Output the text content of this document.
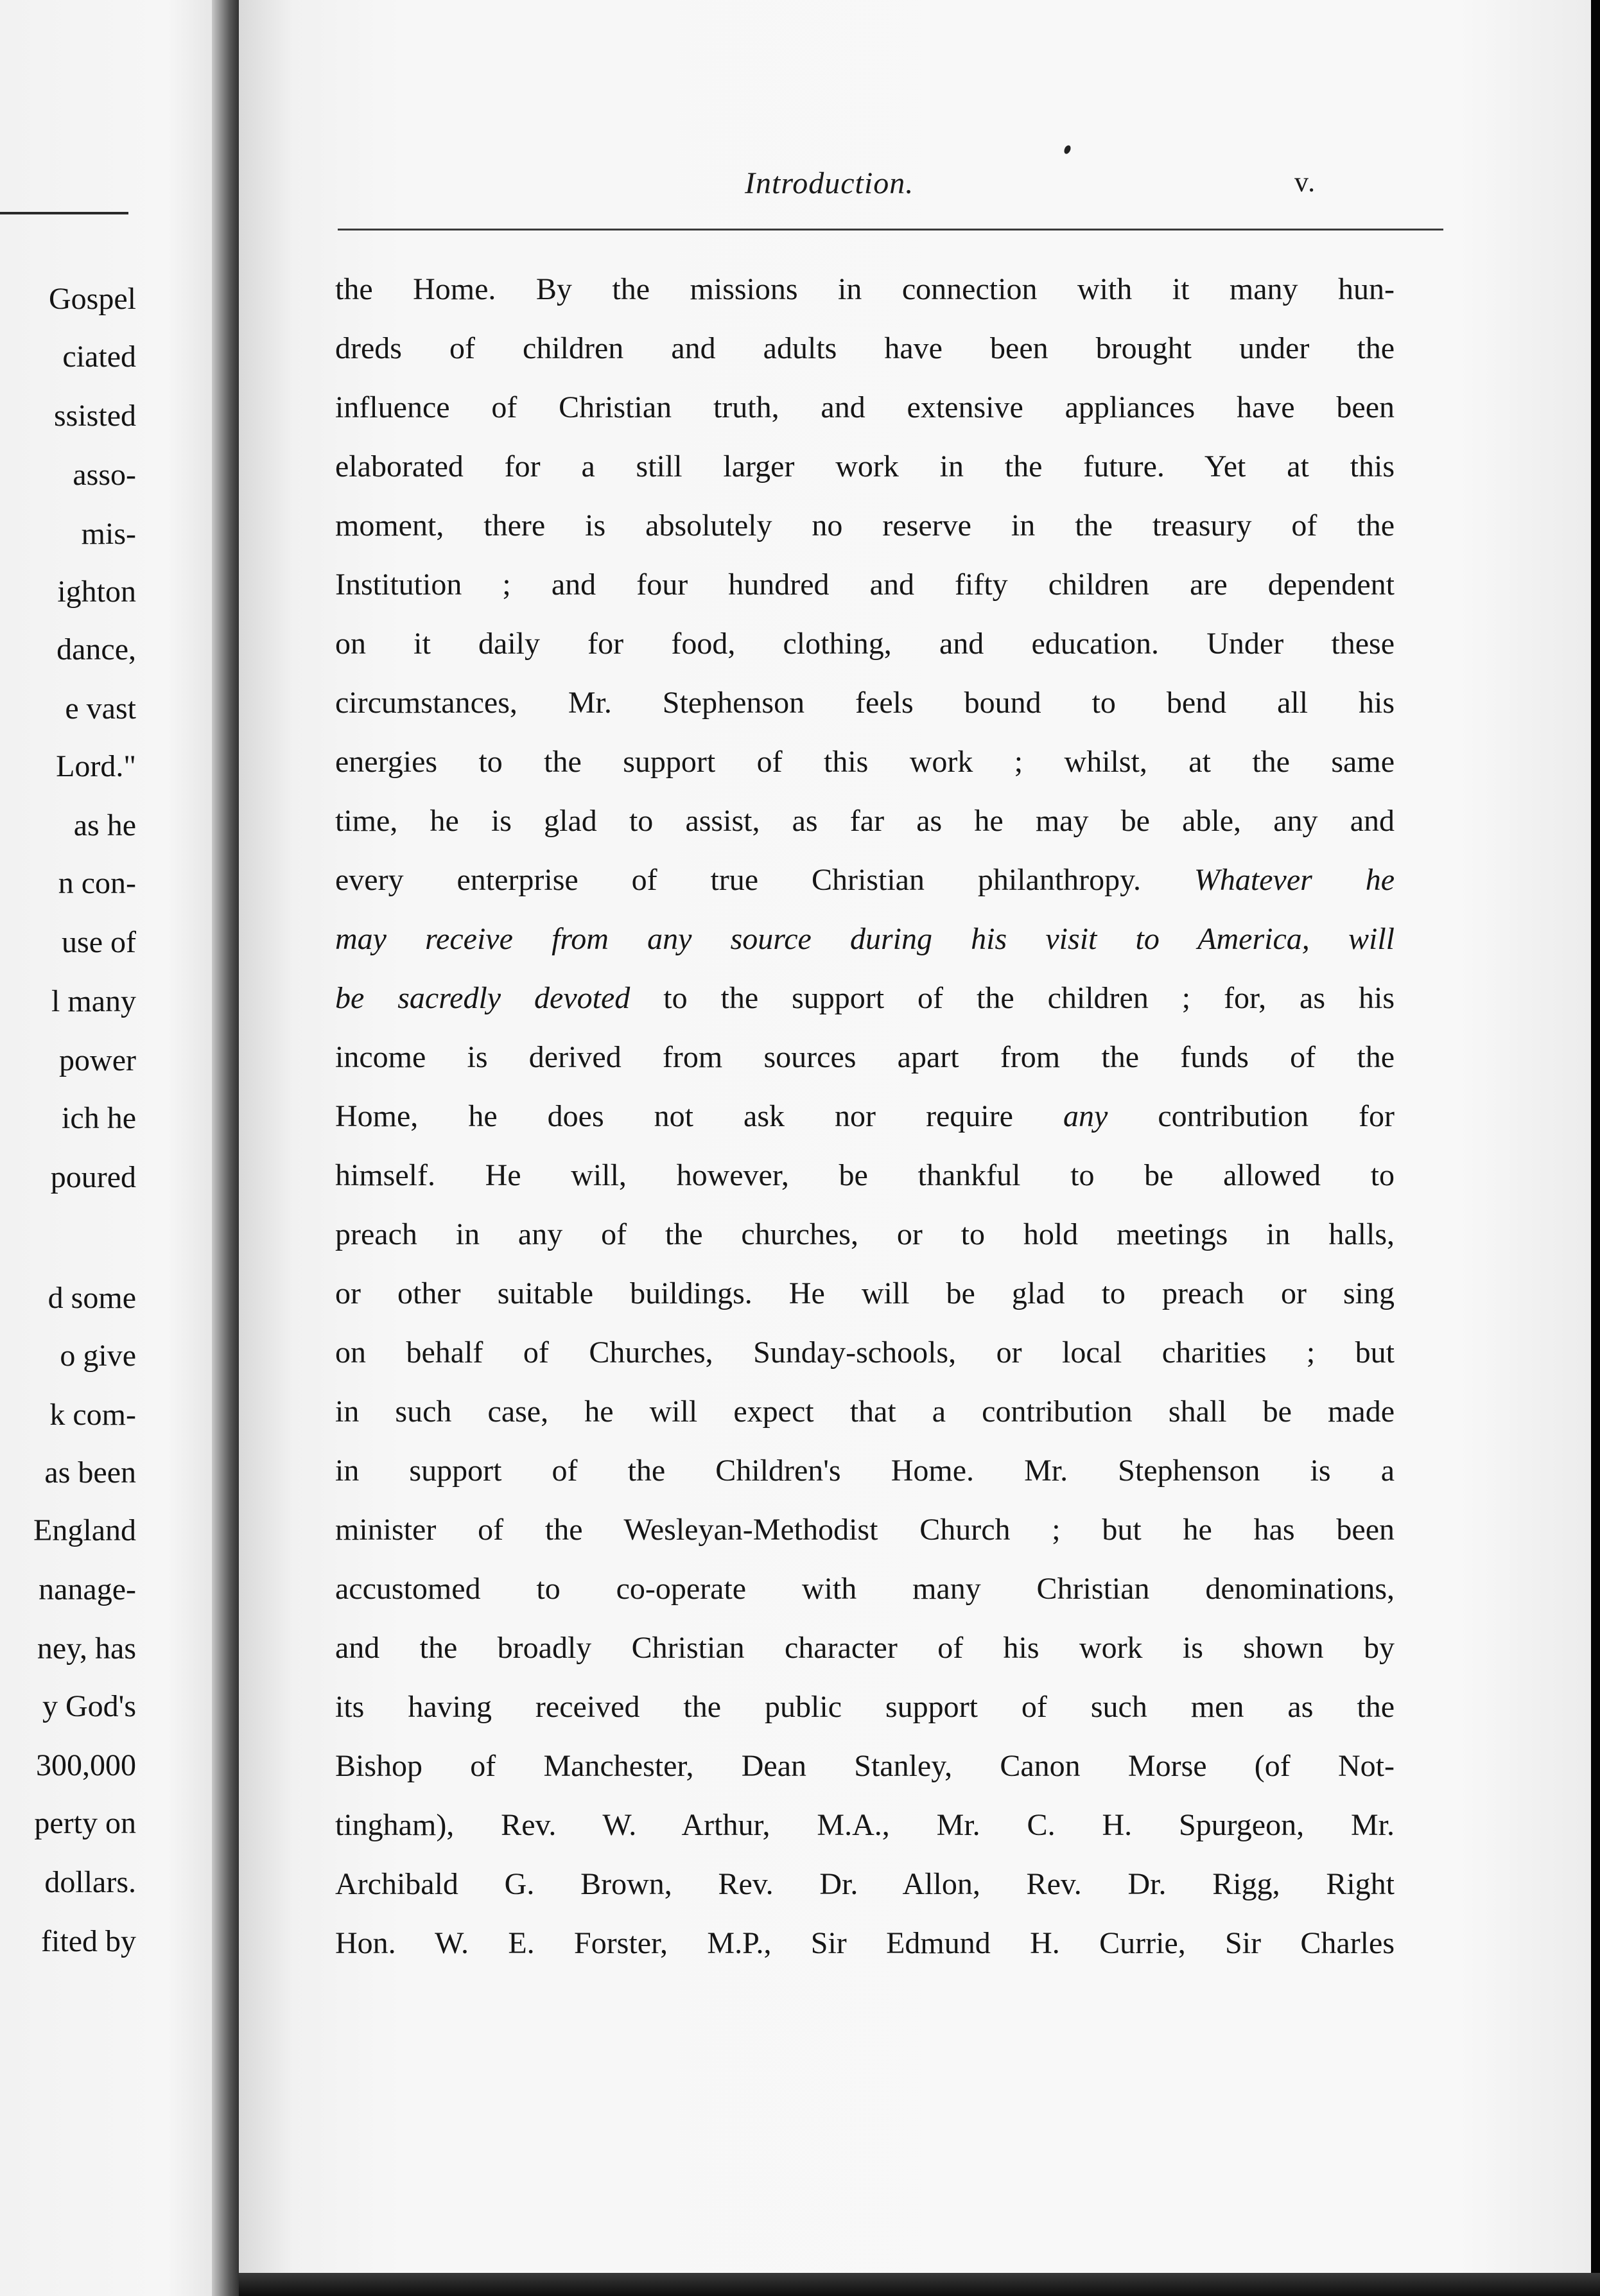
Gospel
ciated
ssisted
asso-
mis-
ighton
dance,
e vast
Lord."
as he
n con-
use of
l many
power
ich he
poured
d some
o give
k com-
as been
England
nanage-
ney, has
y God's
300,000
perty on
dollars.
fited by
Introduction.	v.
the Home. By the missions in connection with it many hun-
dreds of children and adults have been brought under the
influence of Christian truth, and extensive appliances have been
elaborated for a still larger work in the future. Yet at this
moment, there is absolutely no reserve in the treasury of the
Institution ; and four hundred and fifty children are dependent
on it daily for food, clothing, and education. Under these
circumstances, Mr. Stephenson feels bound to bend all his
energies to the support of this work ; whilst, at the same
time, he is glad to assist, as far as he may be able, any and
every enterprise of true Christian philanthropy. Whatever he
may receive from any source during his visit to America, will
be sacredly devoted to the support of the children ; for, as his
income is derived from sources apart from the funds of the
Home, he does not ask nor require any contribution for
himself. He will, however, be thankful to be allowed to
preach in any of the churches, or to hold meetings in halls,
or other suitable buildings. He will be glad to preach or sing
on behalf of Churches, Sunday-schools, or local charities ; but
in such case, he will expect that a contribution shall be made
in support of the Children's Home. Mr. Stephenson is a
minister of the Wesleyan-Methodist Church ; but he has been
accustomed to co-operate with many Christian denominations,
and the broadly Christian character of his work is shown by
its having received the public support of such men as the
Bishop of Manchester, Dean Stanley, Canon Morse (of Not-
tingham), Rev. W. Arthur, M.A., Mr. C. H. Spurgeon, Mr.
Archibald G. Brown, Rev. Dr. Allon, Rev. Dr. Rigg, Right
Hon. W. E. Forster, M.P., Sir Edmund H. Currie, Sir Charles
